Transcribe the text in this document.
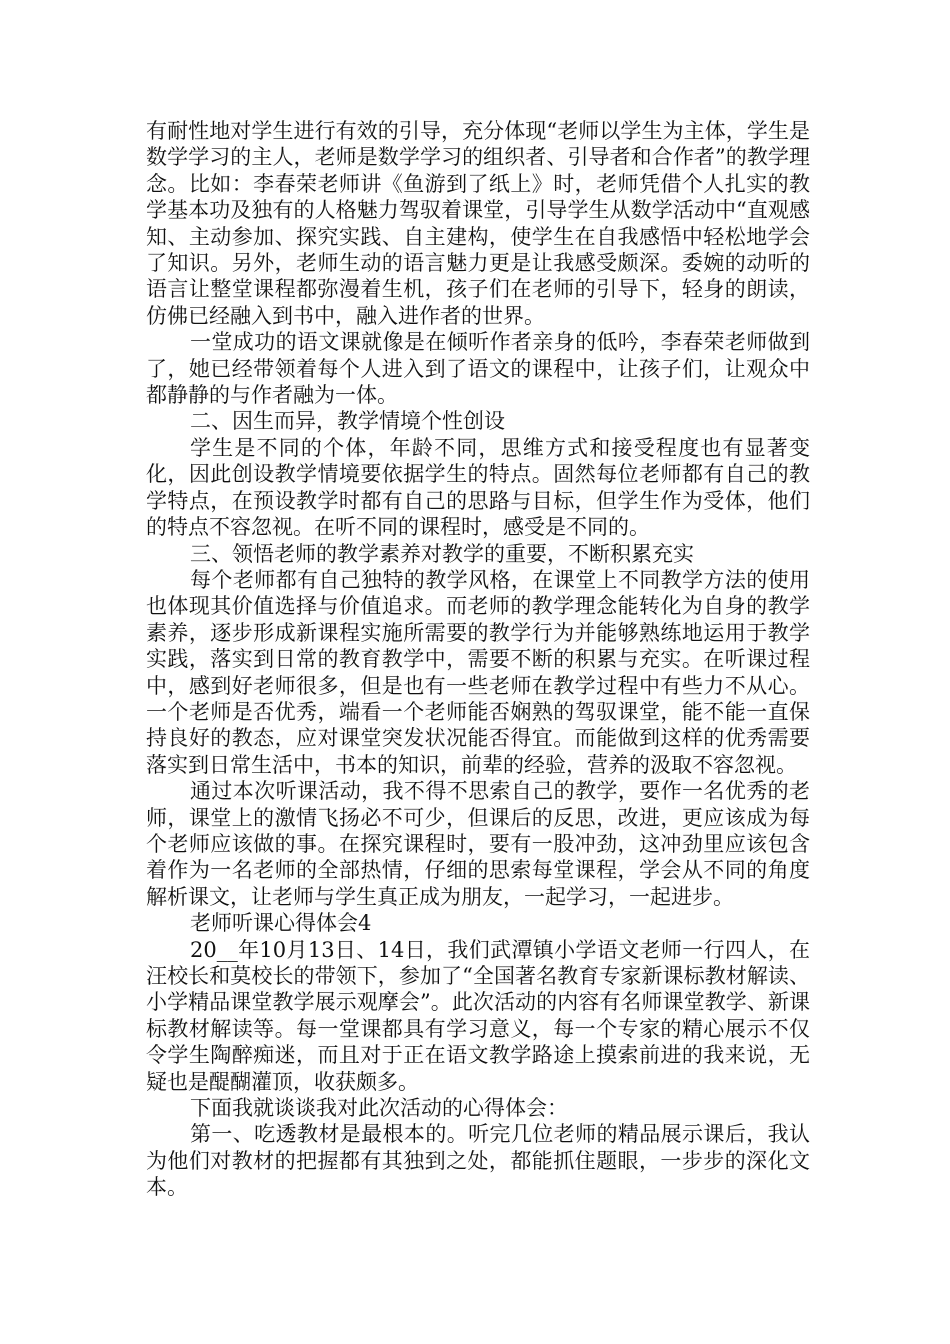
有耐性地对学生进行有效的引导，充分体现“老师以学生为主体，学生是数学学习的主人，老师是数学学习的组织者、引导者和合作者”的教学理念。比如：李春荣老师讲《鱼游到了纸上》时，老师凭借个人扎实的教学基本功及独有的人格魅力驾驭着课堂，引导学生从数学活动中“直观感知、主动参加、探究实践、自主建构，使学生在自我感悟中轻松地学会了知识。另外，老师生动的语言魅力更是让我感受颇深。委婉的动听的语言让整堂课程都弥漫着生机，孩子们在老师的引导下，轻身的朗读，仿佛已经融入到书中，融入进作者的世界。

一堂成功的语文课就像是在倾听作者亲身的低吟，李春荣老师做到了，她已经带领着每个人进入到了语文的课程中，让孩子们，让观众中都静静的与作者融为一体。

二、因生而异，教学情境个性创设

学生是不同的个体，年龄不同，思维方式和接受程度也有显著变化，因此创设教学情境要依据学生的特点。固然每位老师都有自己的教学特点，在预设教学时都有自己的思路与目标，但学生作为受体，他们的特点不容忽视。在听不同的课程时，感受是不同的。

三、领悟老师的教学素养对教学的重要，不断积累充实

每个老师都有自己独特的教学风格，在课堂上不同教学方法的使用也体现其价值选择与价值追求。而老师的教学理念能转化为自身的教学素养，逐步形成新课程实施所需要的教学行为并能够熟练地运用于教学实践，落实到日常的教育教学中，需要不断的积累与充实。在听课过程中，感到好老师很多，但是也有一些老师在教学过程中有些力不从心。一个老师是否优秀，端看一个老师能否娴熟的驾驭课堂，能不能一直保持良好的教态，应对课堂突发状况能否得宜。而能做到这样的优秀需要落实到日常生活中，书本的知识，前辈的经验，营养的汲取不容忽视。

通过本次听课活动，我不得不思索自己的教学，要作一名优秀的老师，课堂上的激情飞扬必不可少，但课后的反思，改进，更应该成为每个老师应该做的事。在探究课程时，要有一股冲劲，这冲劲里应该包含着作为一名老师的全部热情，仔细的思索每堂课程，学会从不同的角度解析课文，让老师与学生真正成为朋友，一起学习，一起进步。

老师听课心得体会4

20__年10月13日、14日，我们武潭镇小学语文老师一行四人，在汪校长和莫校长的带领下，参加了“全国著名教育专家新课标教材解读、小学精品课堂教学展示观摩会”。此次活动的内容有名师课堂教学、新课标教材解读等。每一堂课都具有学习意义，每一个专家的精心展示不仅令学生陶醉痴迷，而且对于正在语文教学路途上摸索前进的我来说，无疑也是醍醐灌顶，收获颇多。

下面我就谈谈我对此次活动的心得体会：

第一、吃透教材是最根本的。听完几位老师的精品展示课后，我认为他们对教材的把握都有其独到之处，都能抓住题眼，一步步的深化文本。
